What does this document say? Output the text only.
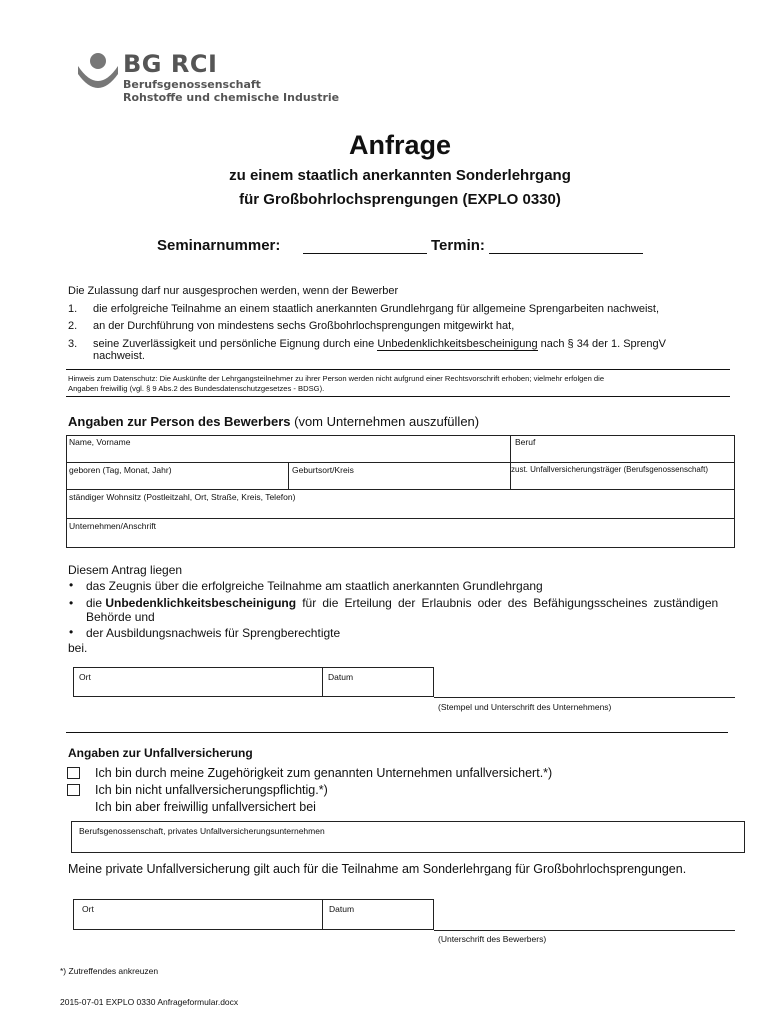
BG RCI
Berufsgenossenschaft
Rohstoffe und chemische Industrie
Anfrage
zu einem staatlich anerkannten Sonderlehrgang
für Großbohrlochsprengungen (EXPLO 0330)
Seminarnummer:	Termin:
Die Zulassung darf nur ausgesprochen werden, wenn der Bewerber
1. die erfolgreiche Teilnahme an einem staatlich anerkannten Grundlehrgang für allgemeine Sprengarbeiten nachweist,
2. an der Durchführung von mindestens sechs Großbohrlochsprengungen mitgewirkt hat,
3. seine Zuverlässigkeit und persönliche Eignung durch eine Unbedenklichkeitsbescheinigung nach § 34 der 1. SprengV
nachweist.
Hinweis zum Datenschutz: Die Auskünfte der Lehrgangsteilnehmer zu ihrer Person werden nicht aufgrund einer Rechtsvorschrift erhoben; vielmehr erfolgen die
Angaben freiwillig (vgl. § 9 Abs.2 des Bundesdatenschutzgesetzes - BDSG).
Angaben zur Person des Bewerbers (vom Unternehmen auszufüllen)
Name, Vorname	Beruf
geboren (Tag, Monat, Jahr)	Geburtsort/Kreis	zust. Unfallversicherungsträger (Berufsgenossenschaft)
ständiger Wohnsitz (Postleitzahl, Ort, Straße, Kreis, Telefon)
Unternehmen/Anschrift
Diesem Antrag liegen
• das Zeugnis über die erfolgreiche Teilnahme am staatlich anerkannten Grundlehrgang
• die Unbedenklichkeitsbescheinigung für die Erteilung der Erlaubnis oder des Befähigungsscheines zuständigen
Behörde und
• der Ausbildungsnachweis für Sprengberechtigte
bei.
Ort	Datum
(Stempel und Unterschrift des Unternehmens)
Angaben zur Unfallversicherung
Ich bin durch meine Zugehörigkeit zum genannten Unternehmen unfallversichert.*)
Ich bin nicht unfallversicherungspflichtig.*)
Ich bin aber freiwillig unfallversichert bei
Berufsgenossenschaft, privates Unfallversicherungsunternehmen
Meine private Unfallversicherung gilt auch für die Teilnahme am Sonderlehrgang für Großbohrlochsprengungen.
Ort	Datum
(Unterschrift des Bewerbers)
*) Zutreffendes ankreuzen
2015-07-01 EXPLO 0330 Anfrageformular.docx
